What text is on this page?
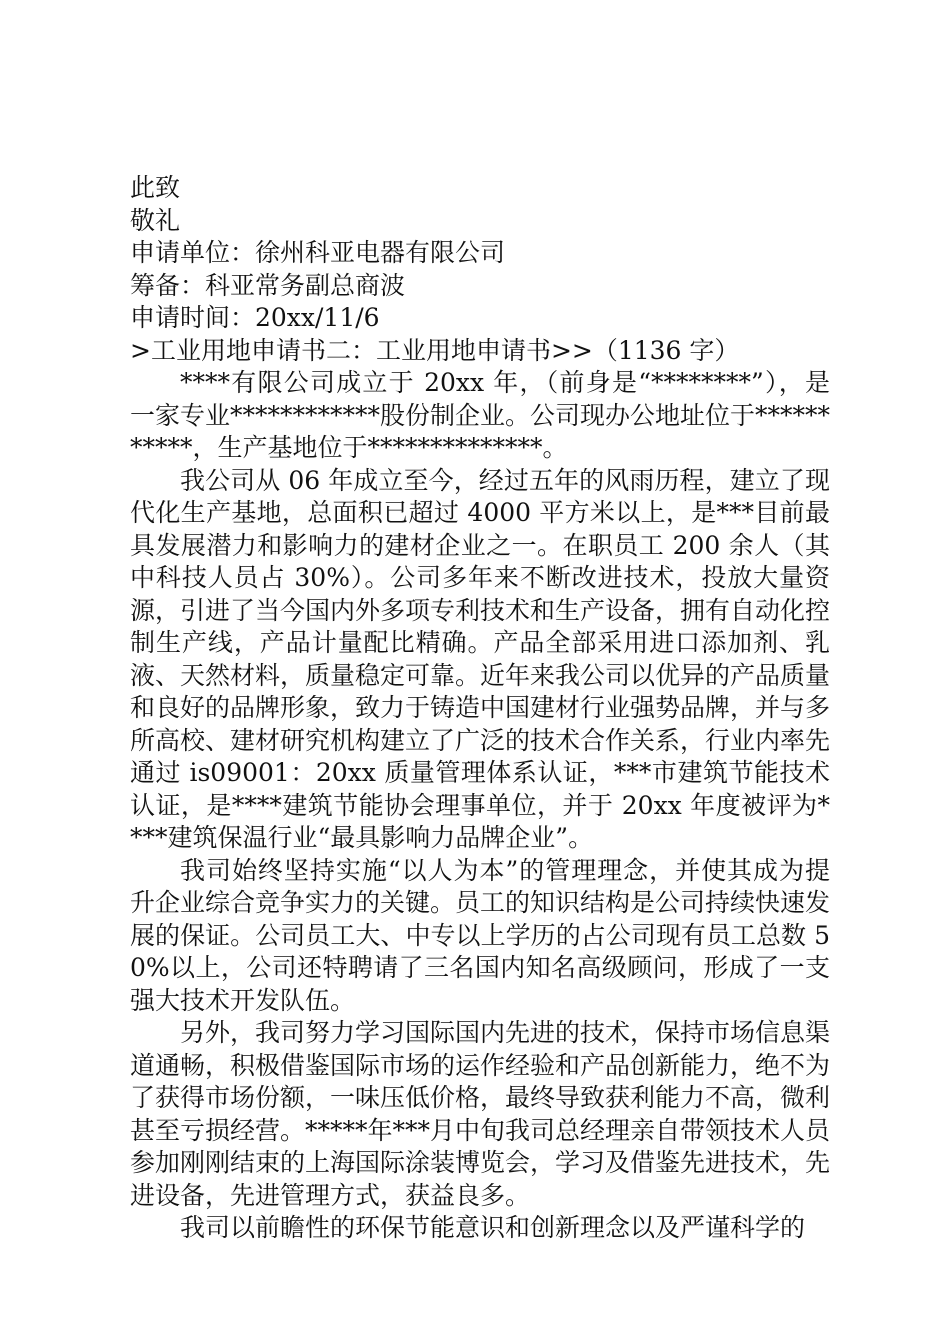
此致

敬礼

申请单位：徐州科亚电器有限公司

筹备：科亚常务副总商波

申请时间：20xx/11/6

>工业用地申请书二：工业用地申请书>>（1136 字）

****有限公司成立于 20xx 年，（前身是“********”），是一家专业************股份制企业。公司现办公地址位于***********，生产基地位于**************。

我公司从 06 年成立至今，经过五年的风雨历程，建立了现代化生产基地，总面积已超过 4000 平方米以上，是***目前最具发展潜力和影响力的建材企业之一。在职员工 200 余人（其中科技人员占 30%）。公司多年来不断改进技术，投放大量资源，引进了当今国内外多项专利技术和生产设备，拥有自动化控制生产线，产品计量配比精确。产品全部采用进口添加剂、乳液、天然材料，质量稳定可靠。近年来我公司以优异的产品质量和良好的品牌形象，致力于铸造中国建材行业强势品牌，并与多所高校、建材研究机构建立了广泛的技术合作关系，行业内率先通过 is09001：20xx 质量管理体系认证，***市建筑节能技术认证，是****建筑节能协会理事单位，并于 20xx 年度被评为****建筑保温行业“最具影响力品牌企业”。

我司始终坚持实施“以人为本”的管理理念，并使其成为提升企业综合竞争实力的关键。员工的知识结构是公司持续快速发展的保证。公司员工大、中专以上学历的占公司现有员工总数 50%以上，公司还特聘请了三名国内知名高级顾问，形成了一支强大技术开发队伍。

另外，我司努力学习国际国内先进的技术，保持市场信息渠道通畅，积极借鉴国际市场的运作经验和产品创新能力，绝不为了获得市场份额，一味压低价格，最终导致获利能力不高，微利甚至亏损经营。*****年***月中旬我司总经理亲自带领技术人员参加刚刚结束的上海国际涂装博览会，学习及借鉴先进技术，先进设备，先进管理方式，获益良多。

我司以前瞻性的环保节能意识和创新理念以及严谨科学的
